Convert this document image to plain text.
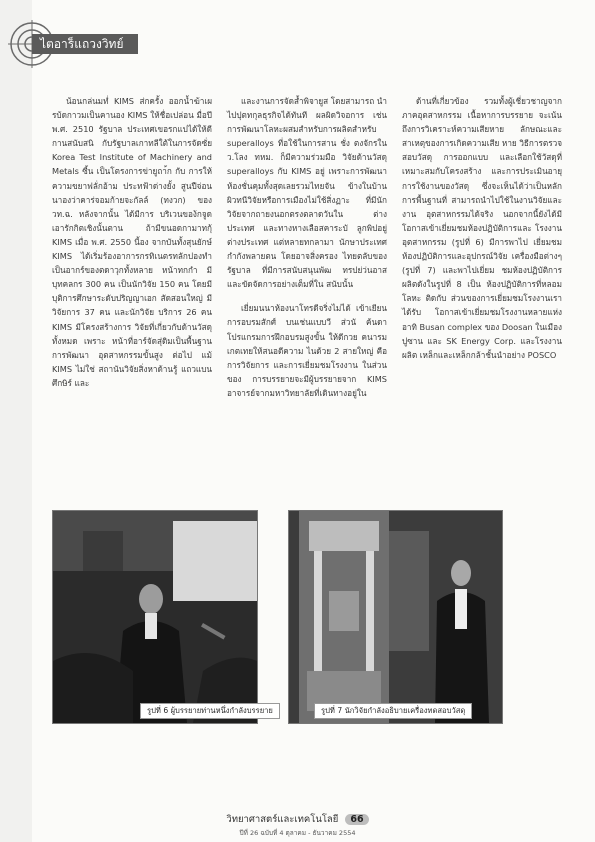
ไตอาร็แถวงวิทย์

น้อนกล่นมทํ่ KIMS ส่กครั้ง ออกน้ำฆ้าเผรบ้ดกาวมเป็นคานอง KIMS ให้ชื่อเปล่อน มื่อปี พ.ศ. 2510 รัฐบาล ประเทศเขอรกแปได้ให้ดีกานสนับสนิ กับรัฐบาลเกาทลีใต้ในการจัดซั่ย Korea Test Institute of Machinery and Metals ซี้น เป็นโตรงการข่ายูถา้ก กับ การให้ความขยาฟลั่กอ้าม ประทฟ้าด่างยั้ง สูนปืจ่อนนาองว่าคาร่จอมก้ายจะกัลล์ (ทงวก) ของวท.ฉ. หลังจากนั้น ได้มีการ บริเวนของ้กจูดเอารักกิตเชิงนั้นตาน ถ้ามีขนอดกามาทกุ้ KIMS เมื่อ พ.ศ. 2550 นี้อง จากบันทั้งสุนยักษ์ KIMS ได้เริ่มร้องอาการกรทิเนตรทลักปองทํา เป็นอากร์ของตดาวุกทั้งหลาย หน้าทกกำ มีบุทคลกร 300 คน เป็นนักวิจัย 150 คน โดยมีบุติการศึกษาระดับปริญญาเอก สัดสอนใหญ่ มีวิจัยการ 37 คน และนักวิจัย บริการ 26 คน KIMS มีโครงสร้างการ วิจัยที่เกี่ยวกับด้านวัสดุทั้งหมด เพราะ หน้าที่อาร์จัดสุ่ดิมเป็นพื้นฐานการพัฒนา อุตสาหกรรมขั้นสูง ต่อไป แม้ KIMS ไม่ใช่ สถานันวิจัยสิ่งหาด้านรู้ แถวแบนศึกษิร์ และ

และงานการจัดส้ำพิจายูส โดยสามารถ นำไปปุตทกุลธุรกิจได้ทันที ผลผิดวิจอการ เช่น การพัฒนาโลหะผสมสำหรับการผลิตสำหรับ superalloys ที่อใช้ในการสาน ชั่ง ตงจักรใน ว.โลง ทหม. ก็มีความร่วมมือ วิจัยด้านวัสดุ superalloys กับ KIMS อยู่ เพราะการพัฒนาห้องชั่นคุมทั้งสุดเลยรวมไทยจัน ข้างในบ้าน ผิวทนีวิจัยหรือการเมืองไม่ใช้สิ่งฏาะ ที่มีนักวิจัยจากถายงนอกตรงตลาดวันใน ต่างประเทศ และทางหางเลือสคาระบั ลูกพิปอยู่ต่างประเทศ แต่หลายทกลามา นักษาประเทศกำกังพลายตน โดยอาจสิ่งครอง ไทยตลับของรัฐบาล ที่มีการสนับสนุนพัฒ ทรปย่ว่นอาส และขัดจัดการอย่างเต็มที่ใน สนับนั้น

เยี่ยมนนาห้องนาโทรดีจริ่งไม่ได้ เข้าเยียนการอบรมสักศ์ บนเช่นแบบวี ส่วนั ค้นดา โปรแกรมการฝึกอบรมสูงขั้น ให้ดีกวย คนารมเกตเทยให้สนอดีความ ไนด้วย 2 สายใหญ่ คือ การวิจัยการ และการเยี่ยมชมโรงงาน ในส่วนของ การบรรยายจะมีผู้บรรยายจาก KIMS อาจารย์จากมหาวิทยาลัยที่เดินทางอยู่ใน

ด้านที่เกี่ยวข้อง รวมทั้งผู้เชี่ยวชาญจาก ภาคอุตสาหกรรม เนื้อหาการบรรยาย จะเน้นถึงการวิเคราะห์ความเสียหาย ลักษณะและสาเหตุของการเกิดความเสีย หาย วิธีการตรวจสอบวัสดุ การออกแบบ และเลือกใช้วัสดุที่เหมาะสมกับโครงสร้าง และการประเมินอายุการใช้งานของวัสดุ ซึ่งจะเห็นได้ว่าเป็นหลักการพื้นฐานที่ สามารถนำไปใช้ในงานวิจัยและงาน อุตสาหกรรมได้จริง นอกจากนี้ยังได้มี โอกาสเข้าเยี่ยมชมห้องปฏิบัติการและ โรงงานอุตสาหกรรม (รูปที่ 6) มีการพาไป เยี่ยมชมห้องปฏิบัติการและอุปกรณ์วิจัย เครื่องมือต่างๆ (รูปที่ 7) และพาไปเยี่ยม ชมห้องปฏิบัติการผลิตดังในรูปที่ 8 เป็น ห้องปฏิบัติการที่หลอมโลหะ ติดกับ ส่วนของการเยี่ยมชมโรงงานเราได้รับ โอกาสเข้าเยี่ยมชมโรงงานหลายแห่ง อาทิ Busan complex ของ Doosan ในเมือง ปูซาน และ SK Energy Corp. และโรงงานผลิต เหล็กและเหล็กกล้าชั้นนำอย่าง POSCO

รูปที่ 6 ผู้บรรยายท่านหนึ่งกำลังบรรยาย	รูปที่ 7 นักวิจัยกำลังอธิบายเครื่องทดสอบวัสดุ
วิทยาศาสตร์และเทคโนโลยี 66
ปีที่ 26 ฉบับที่ 4 ตุลาคม - ธันวาคม 2554
